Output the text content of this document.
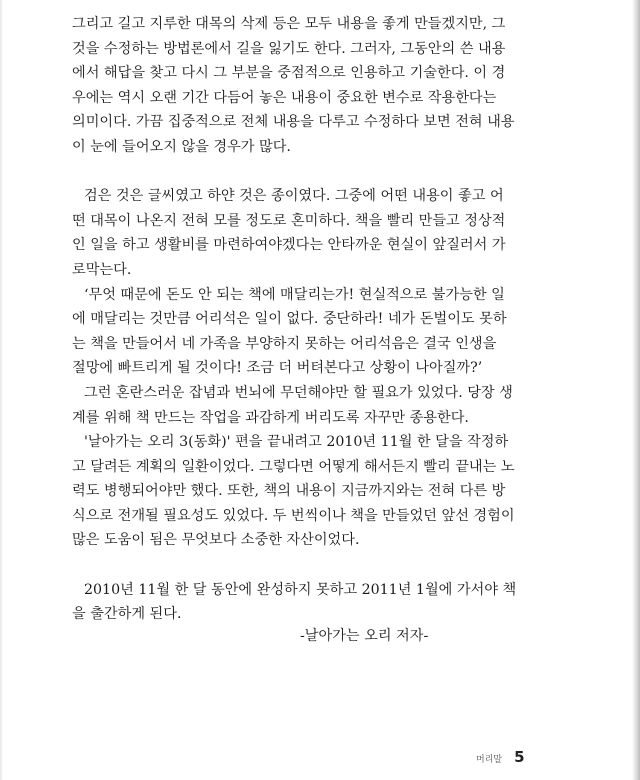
그리고 길고 지루한 대목의 삭제 등은 모두 내용을 좋게 만들겠지만, 그
것을 수정하는 방법론에서 길을 잃기도 한다. 그러자, 그동안의 쓴 내용
에서 해답을 찾고 다시 그 부분을 중점적으로 인용하고 기술한다. 이 경
우에는 역시 오랜 기간 다듬어 놓은 내용이 중요한 변수로 작용한다는
의미이다. 가끔 집중적으로 전체 내용을 다루고 수정하다 보면 전혀 내용
이 눈에 들어오지 않을 경우가 많다.

검은 것은 글씨였고 하얀 것은 종이였다. 그중에 어떤 내용이 좋고 어
떤 대목이 나온지 전혀 모를 정도로 혼미하다. 책을 빨리 만들고 정상적
인 일을 하고 생활비를 마련하여야겠다는 안타까운 현실이 앞질러서 가
로막는다.

‘무엇 때문에 돈도 안 되는 책에 매달리는가! 현실적으로 불가능한 일
에 매달리는 것만큼 어리석은 일이 없다. 중단하라! 네가 돈벌이도 못하
는 책을 만들어서 네 가족을 부양하지 못하는 어리석음은 결국 인생을
절망에 빠트리게 될 것이다! 조금 더 버텨본다고 상황이 나아질까?’

그런 혼란스러운 잡념과 번뇌에 무던해야만 할 필요가 있었다. 당장 생
계를 위해 책 만드는 작업을 과감하게 버리도록 자꾸만 종용한다.

'날아가는 오리 3(동화)' 편을 끝내려고 2010년 11월 한 달을 작정하
고 달려든 계획의 일환이었다. 그렇다면 어떻게 해서든지 빨리 끝내는 노
력도 병행되어야만 했다. 또한, 책의 내용이 지금까지와는 전혀 다른 방
식으로 전개될 필요성도 있었다. 두 번씩이나 책을 만들었던 앞선 경험이
많은 도움이 됨은 무엇보다 소중한 자산이었다.

2010년 11월 한 달 동안에 완성하지 못하고 2011년 1월에 가서야 책
을 출간하게 된다.

-날아가는 오리 저자-
머리말 5
